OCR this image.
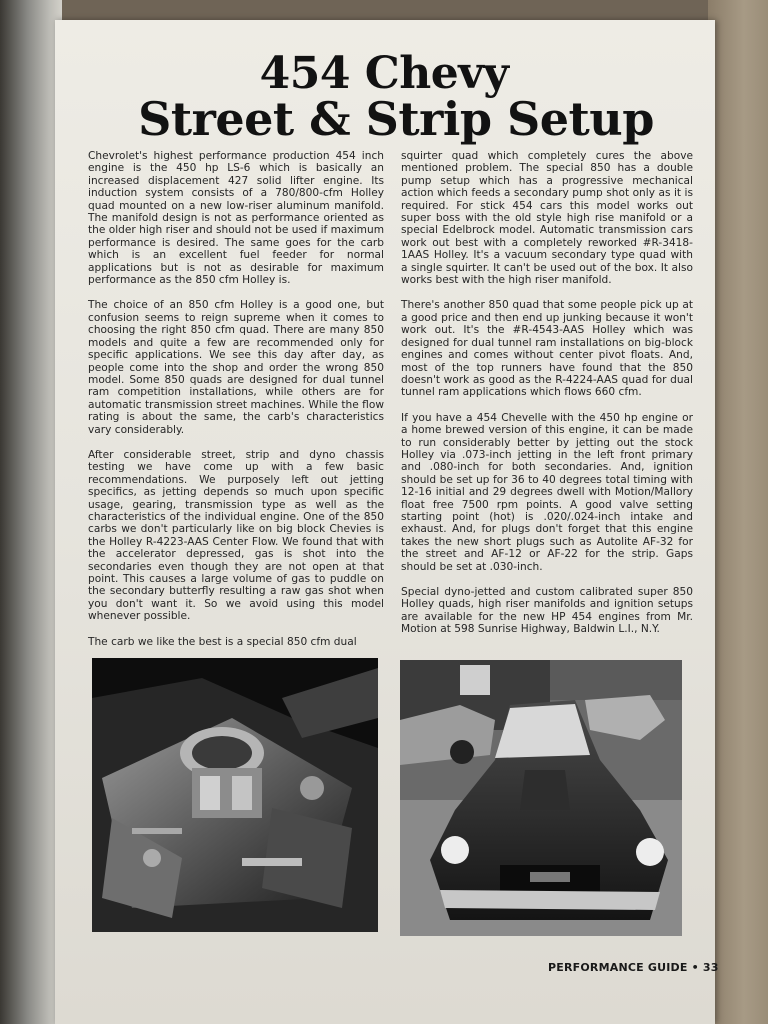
454 Chevy
Street & Strip Setup

Chevrolet's highest performance production 454 inch engine is the 450 hp LS-6 which is basically an increased displacement 427 solid lifter engine. Its induction system consists of a 780/800-cfm Holley quad mounted on a new low-riser aluminum manifold. The manifold design is not as performance oriented as the older high riser and should not be used if maximum performance is desired. The same goes for the carb which is an excellent fuel feeder for normal applications but is not as desirable for maximum performance as the 850 cfm Holley is.

The choice of an 850 cfm Holley is a good one, but confusion seems to reign supreme when it comes to choosing the right 850 cfm quad. There are many 850 models and quite a few are recommended only for specific applications. We see this day after day, as people come into the shop and order the wrong 850 model. Some 850 quads are designed for dual tunnel ram competition installations, while others are for automatic transmission street machines. While the flow rating is about the same, the carb's characteristics vary considerably.

After considerable street, strip and dyno chassis testing we have come up with a few basic recommendations. We purposely left out jetting specifics, as jetting depends so much upon specific usage, gearing, transmission type as well as the characteristics of the individual engine. One of the 850 carbs we don't particularly like on big block Chevies is the Holley R-4223-AAS Center Flow. We found that with the accelerator depressed, gas is shot into the secondaries even though they are not open at that point. This causes a large volume of gas to puddle on the secondary butterfly resulting a raw gas shot when you don't want it. So we avoid using this model whenever possible.

The carb we like the best is a special 850 cfm dual

squirter quad which completely cures the above mentioned problem. The special 850 has a double pump setup which has a progressive mechanical action which feeds a secondary pump shot only as it is required. For stick 454 cars this model works out super boss with the old style high rise manifold or a special Edelbrock model. Automatic transmission cars work out best with a completely reworked #R-3418-1AAS Holley. It's a vacuum secondary type quad with a single squirter. It can't be used out of the box. It also works best with the high riser manifold.

There's another 850 quad that some people pick up at a good price and then end up junking because it won't work out. It's the #R-4543-AAS Holley which was designed for dual tunnel ram installations on big-block engines and comes without center pivot floats. And, most of the top runners have found that the 850 doesn't work as good as the R-4224-AAS quad for dual tunnel ram applications which flows 660 cfm.

If you have a 454 Chevelle with the 450 hp engine or a home brewed version of this engine, it can be made to run considerably better by jetting out the stock Holley via .073-inch jetting in the left front primary and .080-inch for both secondaries. And, ignition should be set up for 36 to 40 degrees total timing with 12-16 initial and 29 degrees dwell with Motion/Mallory float free 7500 rpm points. A good valve setting starting point (hot) is .020/.024-inch intake and exhaust. And, for plugs don't forget that this engine takes the new short plugs such as Autolite AF-32 for the street and AF-12 or AF-22 for the strip. Gaps should be set at .030-inch.

Special dyno-jetted and custom calibrated super 850 Holley quads, high riser manifolds and ignition setups are available for the new HP 454 engines from Mr. Motion at 598 Sunrise Highway, Baldwin L.I., N.Y.

PERFORMANCE GUIDE • 33
